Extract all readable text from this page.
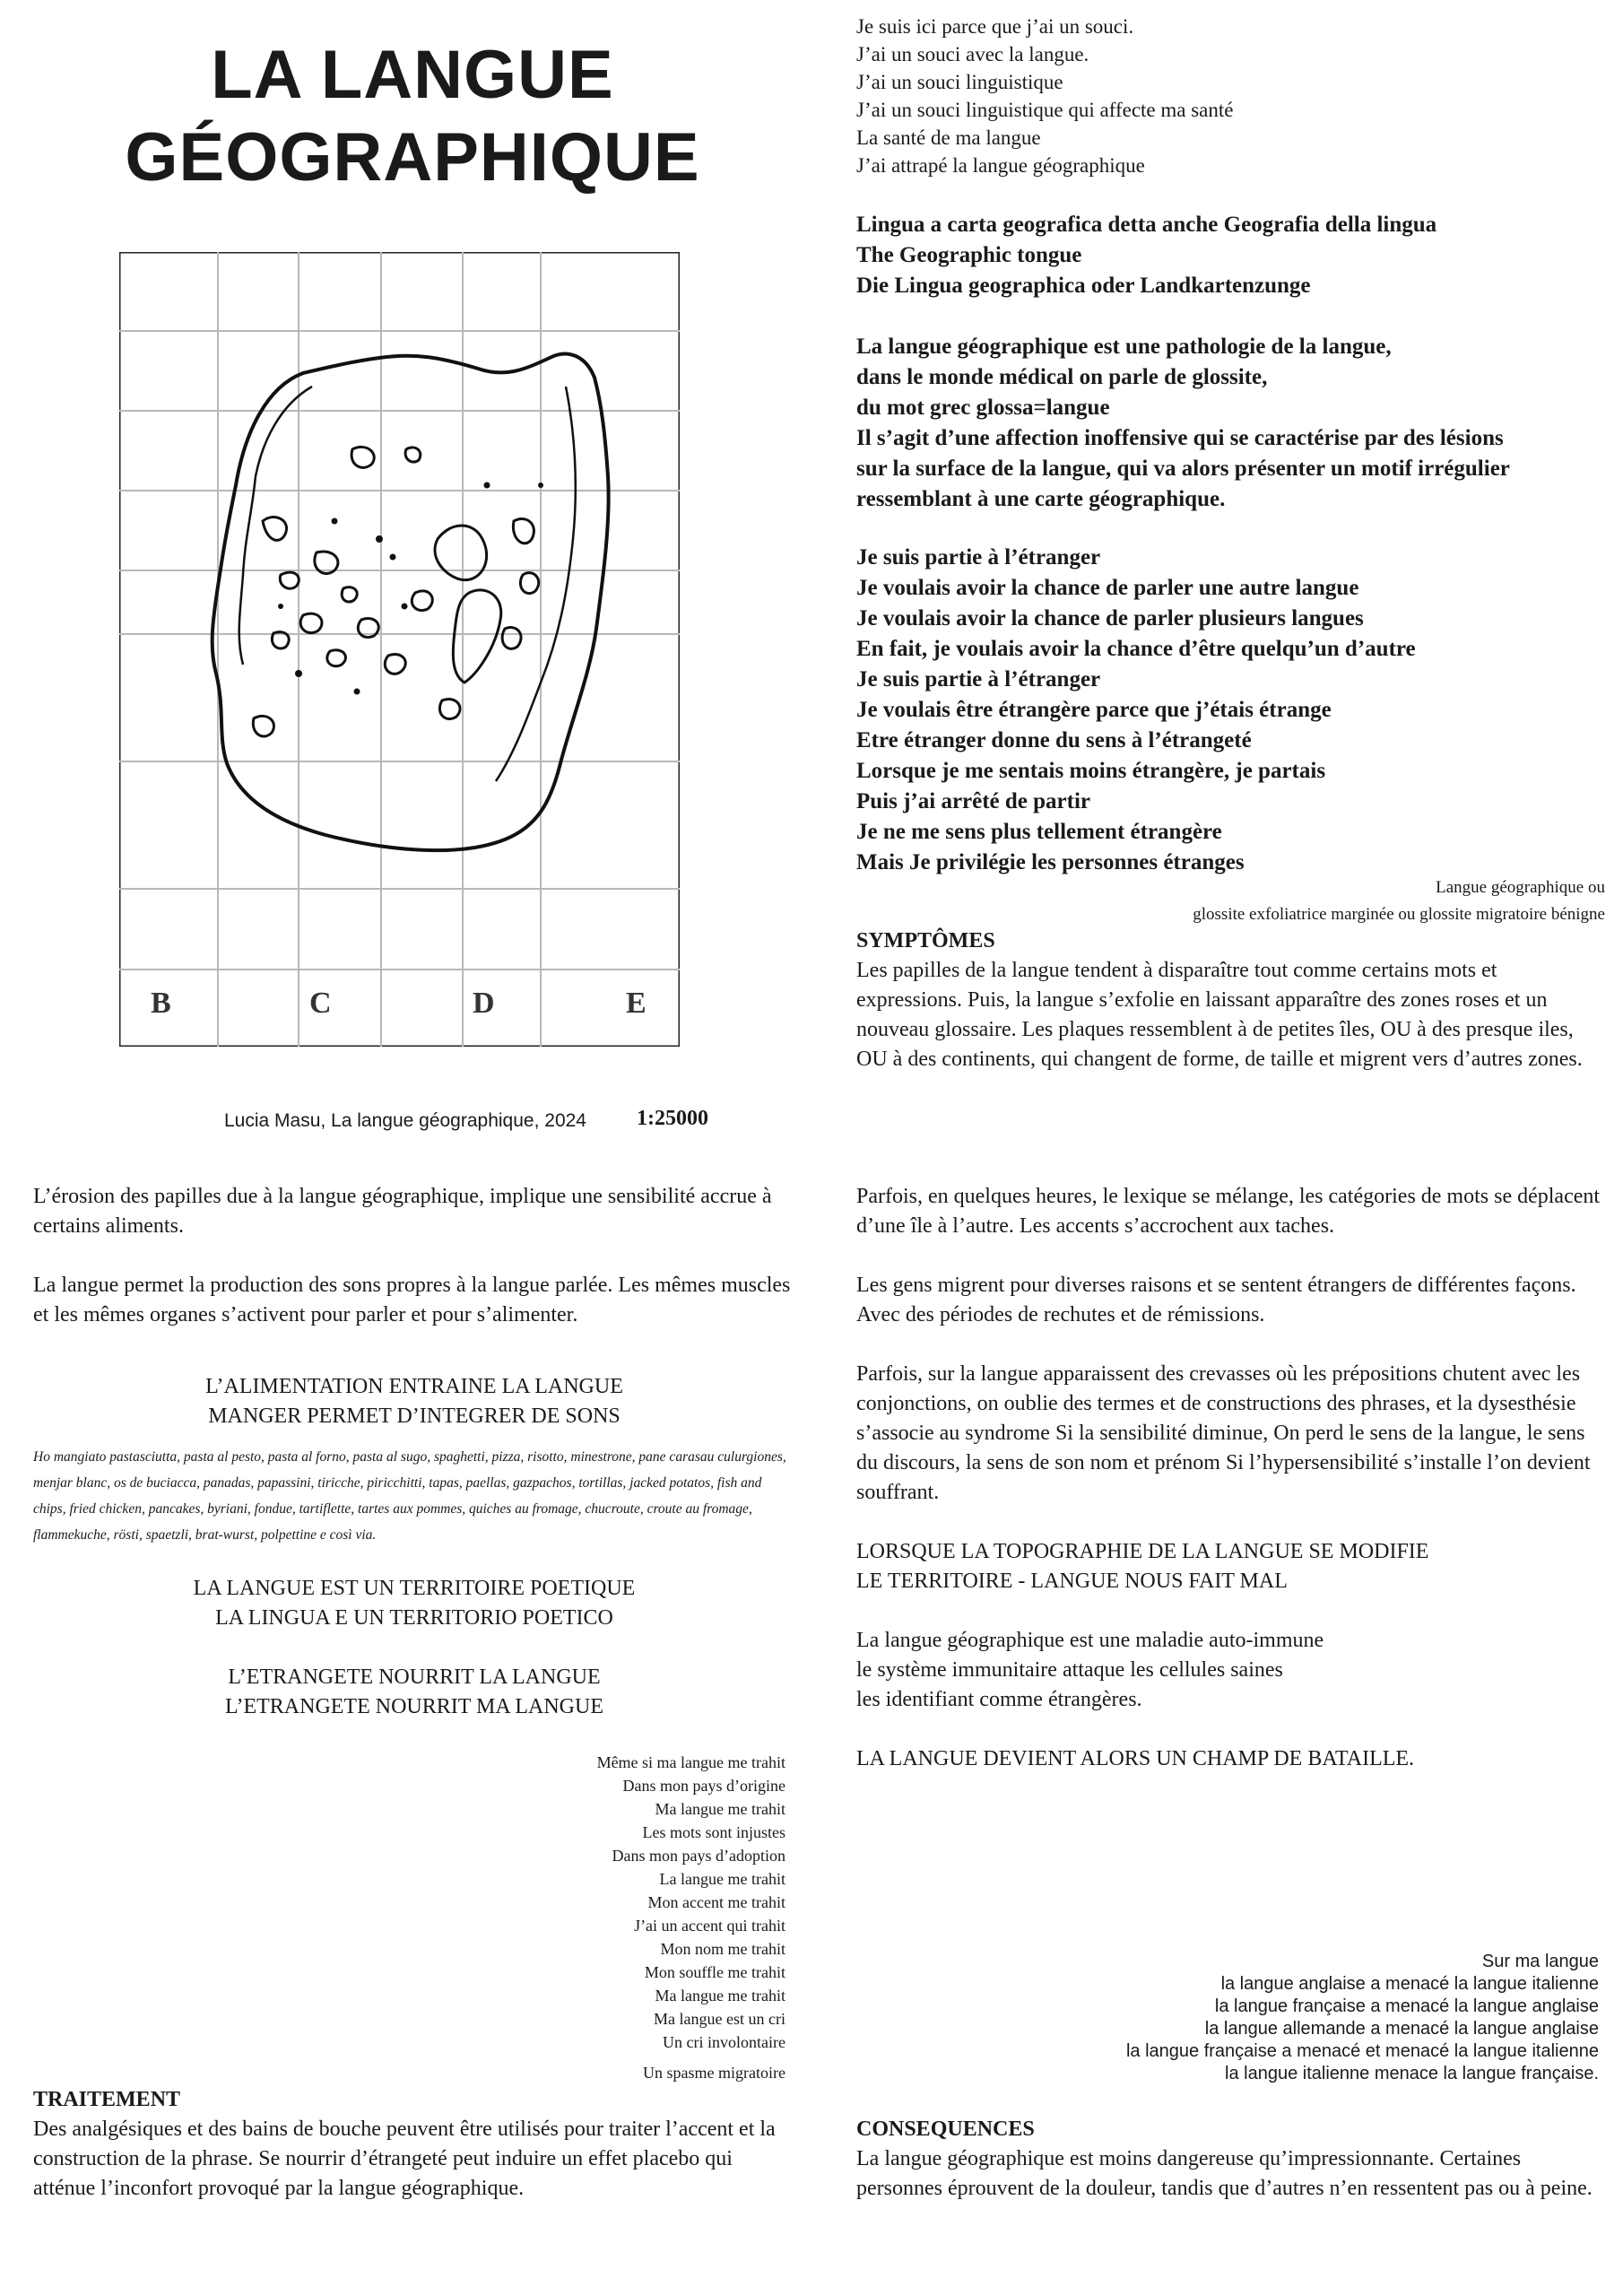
LA LANGUE
GÉOGRAPHIQUE
B	C	D	E
Lucia Masu, La langue géographique, 2024 1:25000
Je suis ici parce que j’ai un souci.
J’ai un souci avec la langue.
J’ai un souci linguistique
J’ai un souci linguistique qui affecte ma santé
La santé de ma langue
J’ai attrapé la langue géographique
Lingua a carta geografica detta anche Geografia della lingua
The Geographic tongue
Die Lingua geographica oder Landkartenzunge
La langue géographique est une pathologie de la langue,
dans le monde médical on parle de glossite,
du mot grec glossa=langue
Il s’agit d’une affection inoffensive qui se caractérise par des lésions
sur la surface de la langue, qui va alors présenter un motif irrégulier
ressemblant à une carte géographique.
Je suis partie à l’étranger
Je voulais avoir la chance de parler une autre langue
Je voulais avoir la chance de parler plusieurs langues
En fait, je voulais avoir la chance d’être quelqu’un d’autre
Je suis partie à l’étranger
Je voulais être étrangère parce que j’étais étrange
Etre étranger donne du sens à l’étrangeté
Lorsque je me sentais moins étrangère, je partais
Puis j’ai arrêté de partir
Je ne me sens plus tellement étrangère
Mais Je privilégie les personnes étranges
Langue géographique ou
glossite exfoliatrice marginée ou glossite migratoire bénigne
SYMPTÔMES

Les papilles de la langue tendent à disparaître tout comme certains mots et expressions. Puis, la langue s’exfolie en laissant apparaître des zones roses et un nouveau glossaire. Les plaques ressemblent à de petites îles, OU à des presque iles, OU à des continents, qui changent de forme, de taille et migrent vers d’autres zones.

L’érosion des papilles due à la langue géographique, implique une sensibilité accrue à certains aliments.

La langue permet la production des sons propres à la langue parlée. Les mêmes muscles et les mêmes organes s’activent pour parler et pour s’alimenter.

L’ALIMENTATION ENTRAINE LA LANGUE
MANGER PERMET D’INTEGRER DE SONS
Ho mangiato pastasciutta, pasta al pesto, pasta al forno, pasta al sugo, spaghetti, pizza, risotto, minestrone, pane carasau culurgiones, menjar blanc, os de buciacca, panadas, papassini, tiricche, piricchitti, tapas, paellas, gazpachos, tortillas, jacked potatos, fish and chips, fried chicken, pancakes, byriani, fondue, tartiflette, tartes aux pommes, quiches au fromage, chucroute, croute au fromage, flammekuche, rösti, spaetzli, brat-wurst, polpettine e così via.
LA LANGUE EST UN TERRITOIRE POETIQUE
LA LINGUA E UN TERRITORIO POETICO
L’ETRANGETE NOURRIT LA LANGUE
L’ETRANGETE NOURRIT MA LANGUE
Même si ma langue me trahit
Dans mon pays d’origine
Ma langue me trahit
Les mots sont injustes
Dans mon pays d’adoption
La langue me trahit
Mon accent me trahit
J’ai un accent qui trahit
Mon nom me trahit
Mon souffle me trahit
Ma langue me trahit
Ma langue est un cri
Un cri involontaire
Un spasme migratoire
TRAITEMENT

Des analgésiques et des bains de bouche peuvent être utilisés pour traiter l’accent et la construction de la phrase. Se nourrir d’étrangeté peut induire un effet placebo qui atténue l’inconfort provoqué par la langue géographique.

Parfois, en quelques heures, le lexique se mélange, les catégories de mots se déplacent d’une île à l’autre. Les accents s’accrochent aux taches.

Les gens migrent pour diverses raisons et se sentent étrangers de différentes façons. Avec des périodes de rechutes et de rémissions.

Parfois, sur la langue apparaissent des crevasses où les prépositions chutent avec les conjonctions, on oublie des termes et de constructions des phrases, et la dysesthésie s’associe au syndrome Si la sensibilité diminue, On perd le sens de la langue, le sens du discours, la sens de son nom et prénom Si l’hypersensibilité s’installe l’on devient souffrant.

LORSQUE LA TOPOGRAPHIE DE LA LANGUE SE MODIFIE
LE TERRITOIRE - LANGUE NOUS FAIT MAL
La langue géographique est une maladie auto-immune
le système immunitaire attaque les cellules saines
les identifiant comme étrangères.

LA LANGUE DEVIENT ALORS UN CHAMP DE BATAILLE.

Sur ma langue
la langue anglaise a menacé la langue italienne
la langue française a menacé la langue anglaise
la langue allemande a menacé la langue anglaise
la langue française a menacé et menacé la langue italienne
la langue italienne menace la langue française.
CONSEQUENCES

La langue géographique est moins dangereuse qu’impressionnante. Certaines personnes éprouvent de la douleur, tandis que d’autres n’en ressentent pas ou à peine.
